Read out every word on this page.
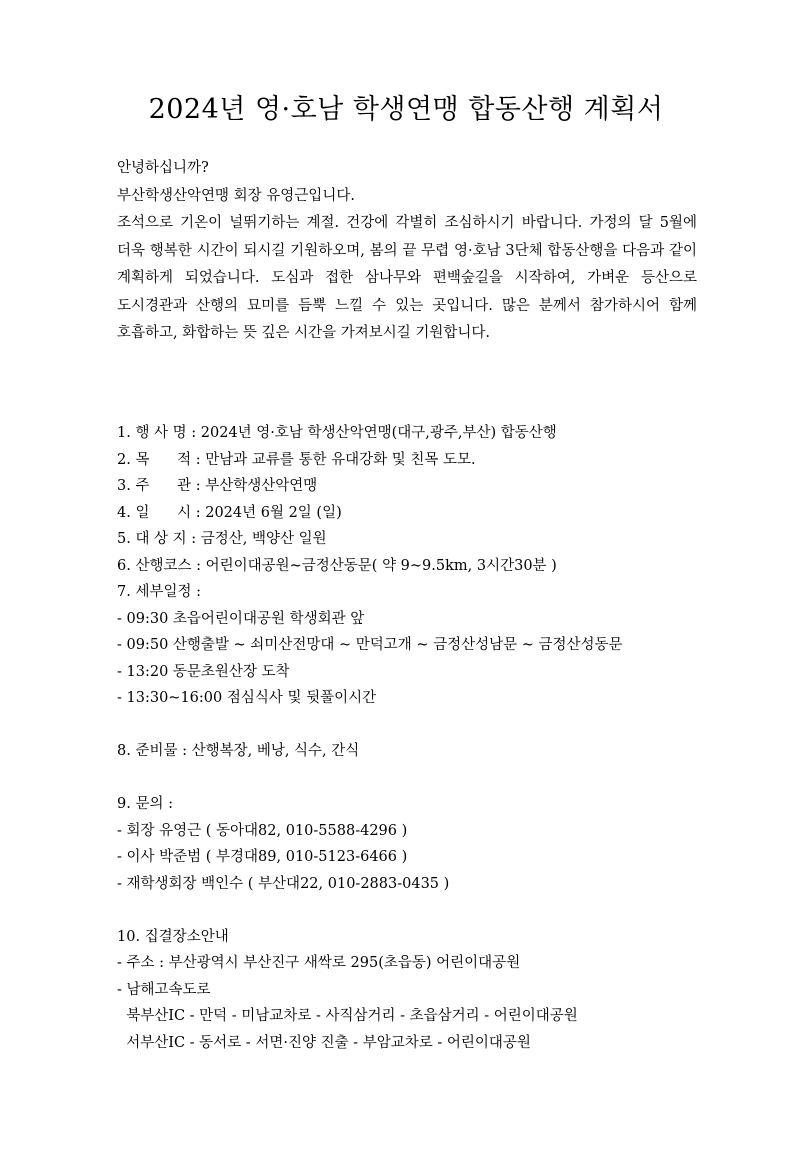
2024년 영·호남 학생연맹 합동산행 계획서

안녕하십니까?

부산학생산악연맹 회장 유영근입니다.

조석으로 기온이 널뛰기하는 계절. 건강에 각별히 조심하시기 바랍니다. 가정의 달 5월에 더욱 행복한 시간이 되시길 기원하오며, 봄의 끝 무렵 영·호남 3단체 합동산행을 다음과 같이 계획하게 되었습니다. 도심과 접한 삼나무와 편백숲길을 시작하여, 가벼운 등산으로 도시경관과 산행의 묘미를 듬뿍 느낄 수 있는 곳입니다. 많은 분께서 참가하시어 함께 호흡하고, 화합하는 뜻 깊은 시간을 가져보시길 기원합니다.

1. 행 사 명 : 2024년 영·호남 학생산악연맹(대구,광주,부산) 합동산행
2. 목      적 : 만남과 교류를 통한 유대강화 및 친목 도모.
3. 주      관 : 부산학생산악연맹
4. 일      시 : 2024년 6월 2일 (일)
5. 대 상 지 : 금정산, 백양산 일원
6. 산행코스 : 어린이대공원~금정산동문( 약 9~9.5km, 3시간30분 )
7. 세부일정 :
- 09:30 초읍어린이대공원 학생회관 앞
- 09:50 산행출발 ~ 쇠미산전망대 ~ 만덕고개 ~ 금정산성남문 ~ 금정산성동문
- 13:20 동문초원산장 도착
- 13:30~16:00 점심식사 및 뒷풀이시간
8. 준비물 : 산행복장, 베낭, 식수, 간식
9. 문의 :
- 회장 유영근 ( 동아대82, 010-5588-4296 )
- 이사 박준범 ( 부경대89, 010-5123-6466 )
- 재학생회장 백인수 ( 부산대22, 010-2883-0435 )
10. 집결장소안내
- 주소 : 부산광역시 부산진구 새싹로 295(초읍동) 어린이대공원
- 남해고속도로
북부산IC - 만덕 - 미남교차로 - 사직삼거리 - 초읍삼거리 - 어린이대공원
서부산IC - 동서로 - 서면·진양 진출 - 부암교차로 - 어린이대공원
